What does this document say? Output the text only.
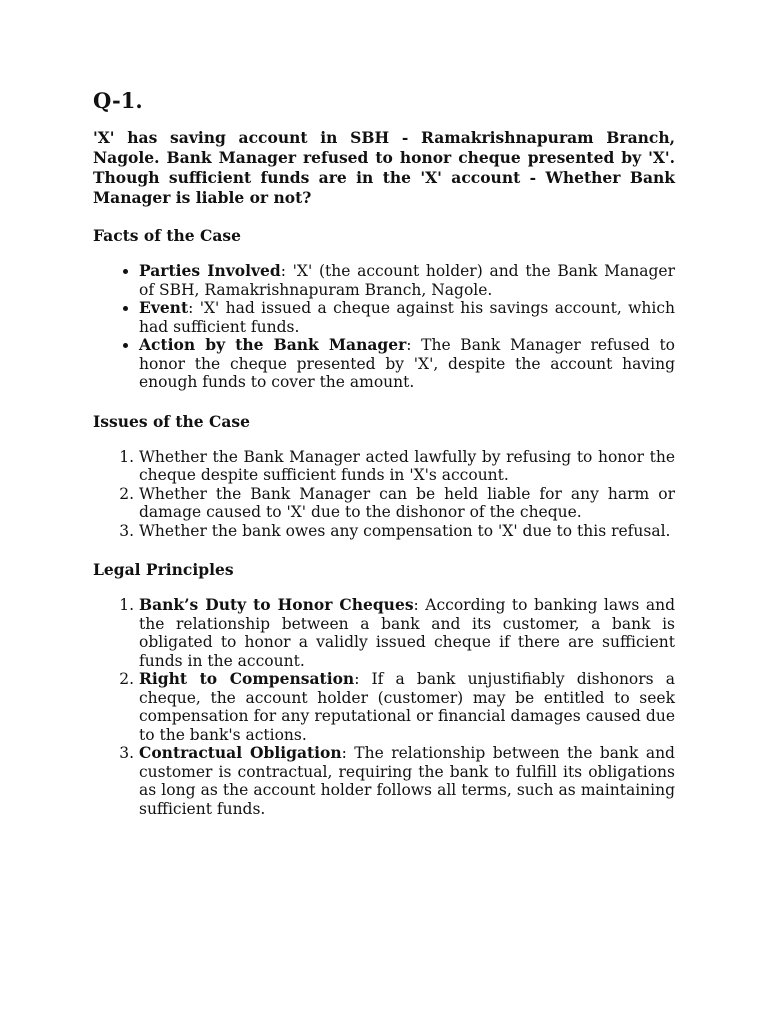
Q-1.
'X' has saving account in SBH - Ramakrishnapuram Branch, Nagole. Bank Manager refused to honor cheque presented by 'X'. Though sufficient funds are in the 'X' account - Whether Bank Manager is liable or not?
Facts of the Case
• Parties Involved: 'X' (the account holder) and the Bank Manager of SBH, Ramakrishnapuram Branch, Nagole.
• Event: 'X' had issued a cheque against his savings account, which had sufficient funds.
• Action by the Bank Manager: The Bank Manager refused to honor the cheque presented by 'X', despite the account having enough funds to cover the amount.
Issues of the Case
1. Whether the Bank Manager acted lawfully by refusing to honor the cheque despite sufficient funds in 'X's account.
2. Whether the Bank Manager can be held liable for any harm or damage caused to 'X' due to the dishonor of the cheque.
3. Whether the bank owes any compensation to 'X' due to this refusal.
Legal Principles
1. Bank’s Duty to Honor Cheques: According to banking laws and the relationship between a bank and its customer, a bank is obligated to honor a validly issued cheque if there are sufficient funds in the account.
2. Right to Compensation: If a bank unjustifiably dishonors a cheque, the account holder (customer) may be entitled to seek compensation for any reputational or financial damages caused due to the bank's actions.
3. Contractual Obligation: The relationship between the bank and customer is contractual, requiring the bank to fulfill its obligations as long as the account holder follows all terms, such as maintaining sufficient funds.
